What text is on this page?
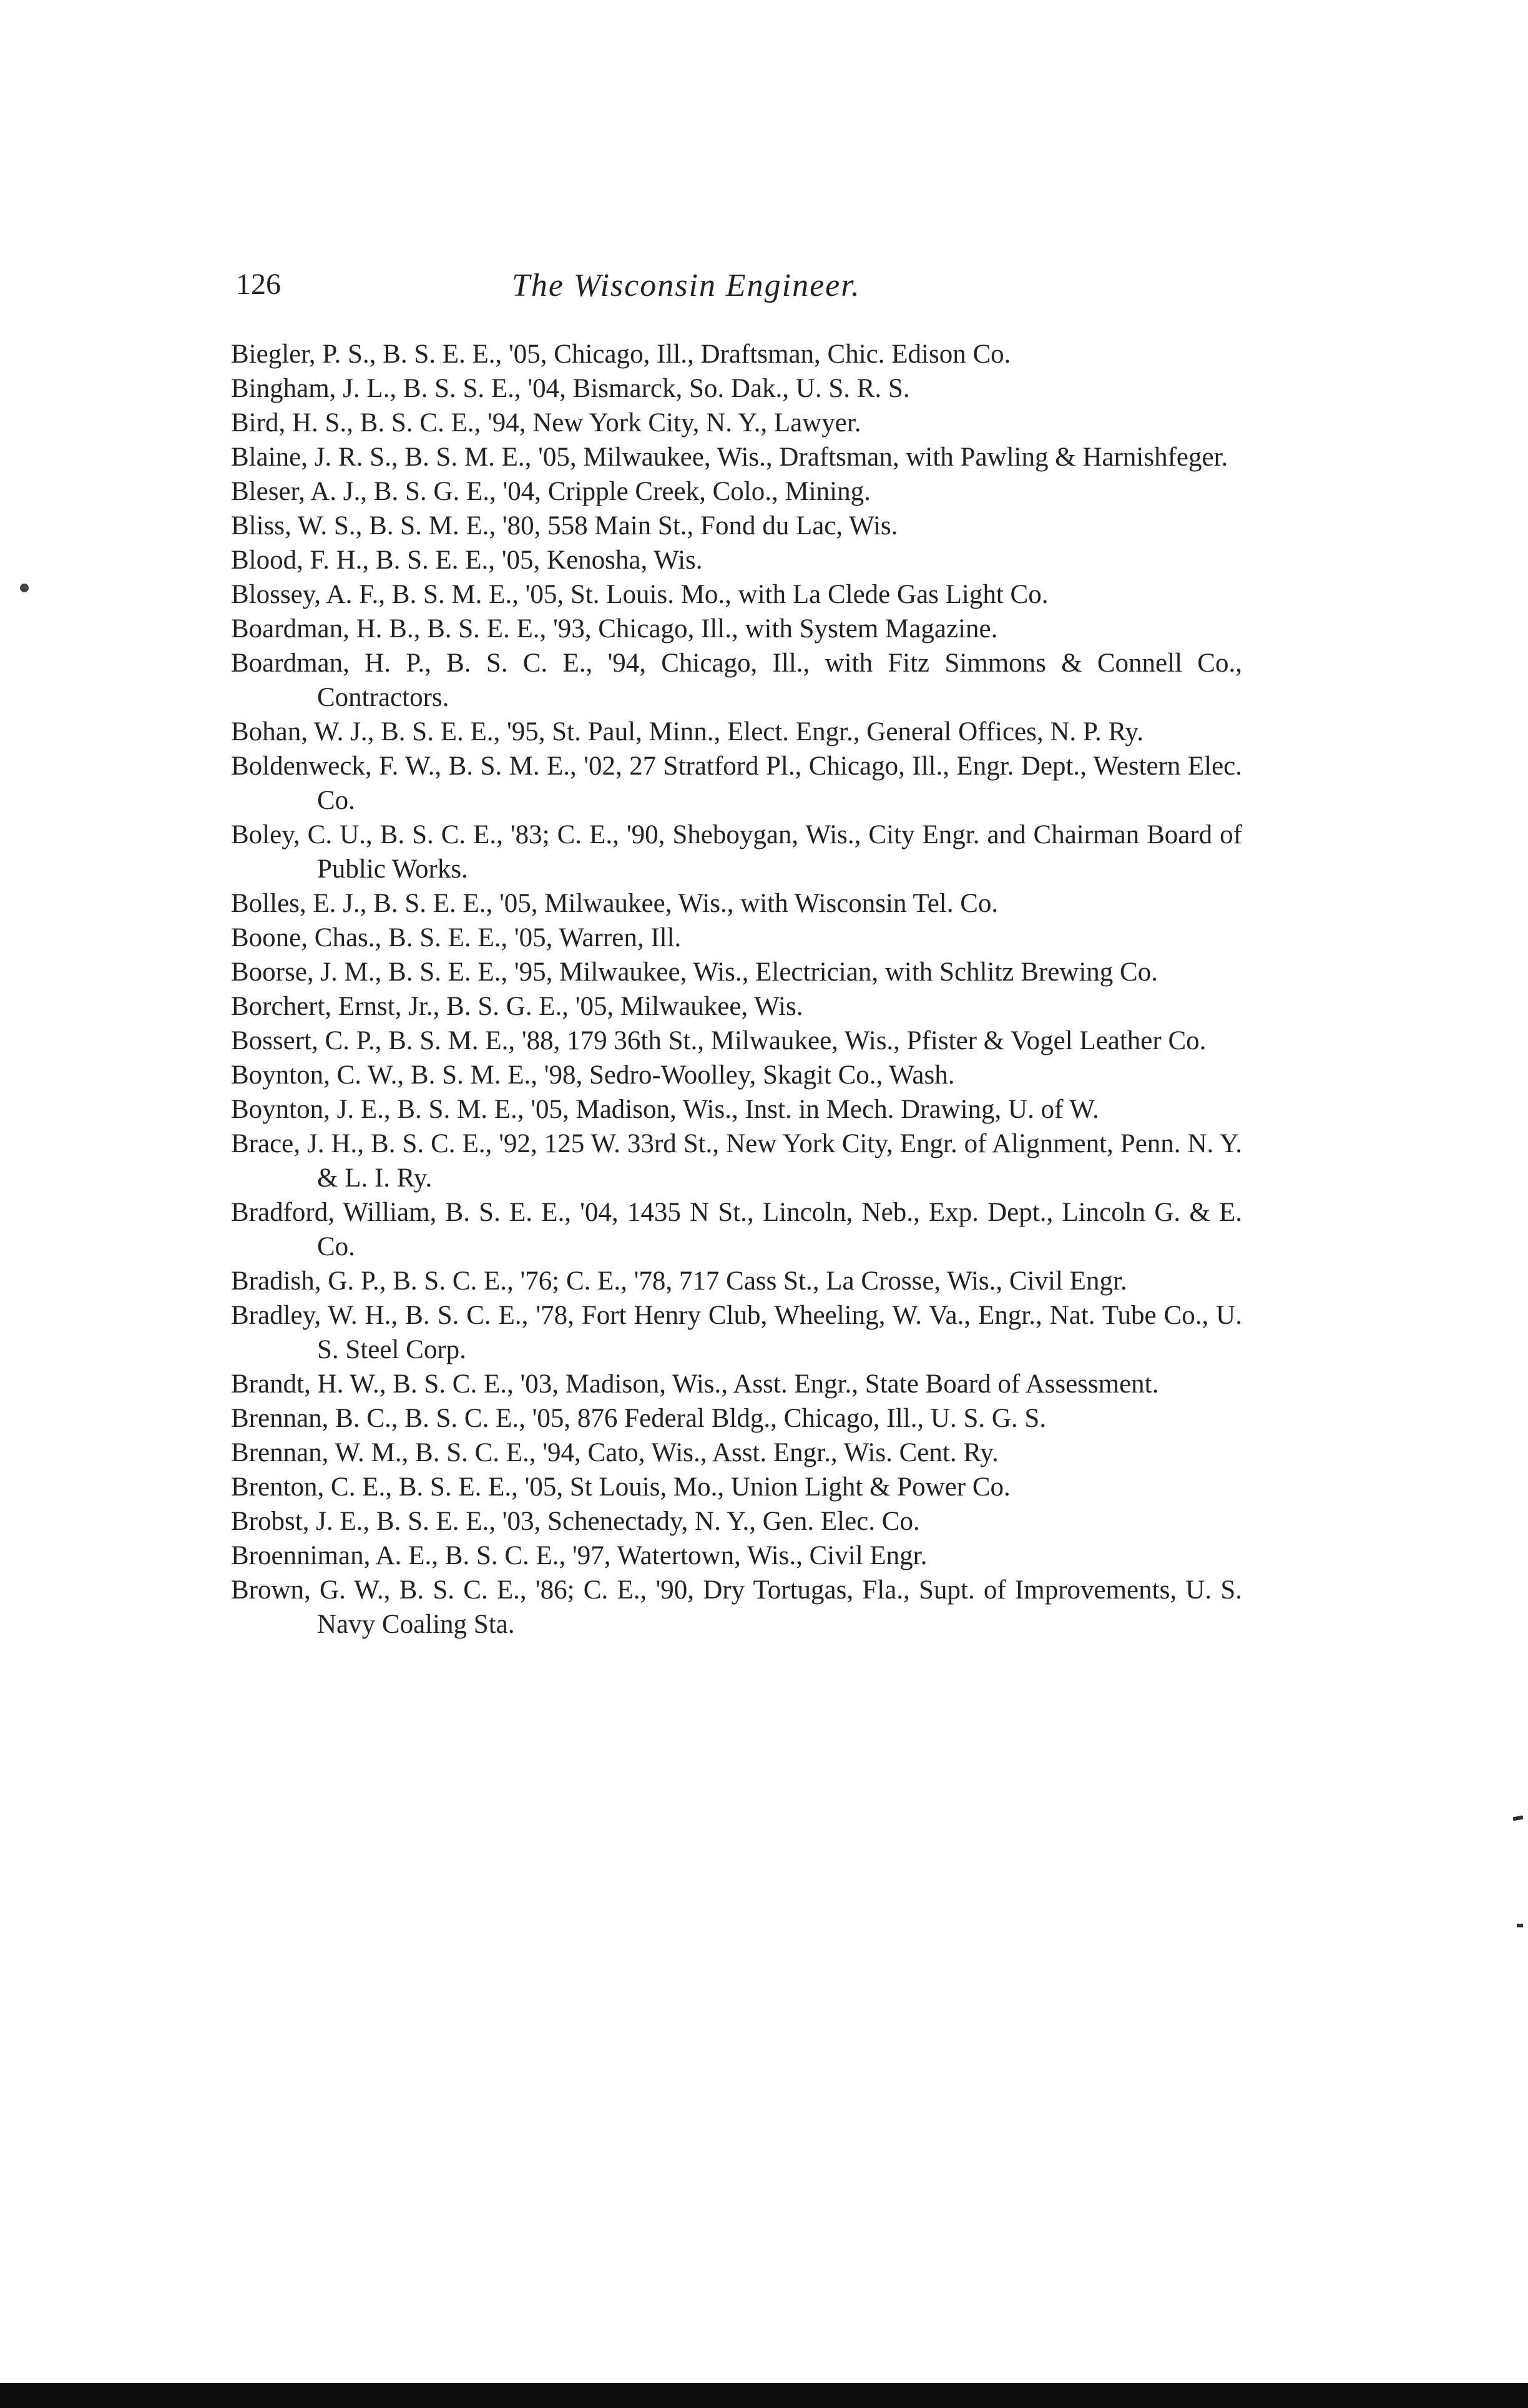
126	The Wisconsin Engineer.
Biegler, P. S., B. S. E. E., '05, Chicago, Ill., Draftsman, Chic. Edison Co.
Bingham, J. L., B. S. S. E., '04, Bismarck, So. Dak., U. S. R. S.
Bird, H. S., B. S. C. E., '94, New York City, N. Y., Lawyer.
Blaine, J. R. S., B. S. M. E., '05, Milwaukee, Wis., Draftsman, with Pawling & Harnishfeger.
Bleser, A. J., B. S. G. E., '04, Cripple Creek, Colo., Mining.
Bliss, W. S., B. S. M. E., '80, 558 Main St., Fond du Lac, Wis.
Blood, F. H., B. S. E. E., '05, Kenosha, Wis.
Blossey, A. F., B. S. M. E., '05, St. Louis. Mo., with La Clede Gas Light Co.
Boardman, H. B., B. S. E. E., '93, Chicago, Ill., with System Magazine.
Boardman, H. P., B. S. C. E., '94, Chicago, Ill., with Fitz Simmons & Connell Co., Contractors.
Bohan, W. J., B. S. E. E., '95, St. Paul, Minn., Elect. Engr., General Offices, N. P. Ry.
Boldenweck, F. W., B. S. M. E., '02, 27 Stratford Pl., Chicago, Ill., Engr. Dept., Western Elec. Co.
Boley, C. U., B. S. C. E., '83; C. E., '90, Sheboygan, Wis., City Engr. and Chairman Board of Public Works.
Bolles, E. J., B. S. E. E., '05, Milwaukee, Wis., with Wisconsin Tel. Co.
Boone, Chas., B. S. E. E., '05, Warren, Ill.
Boorse, J. M., B. S. E. E., '95, Milwaukee, Wis., Electrician, with Schlitz Brewing Co.
Borchert, Ernst, Jr., B. S. G. E., '05, Milwaukee, Wis.
Bossert, C. P., B. S. M. E., '88, 179 36th St., Milwaukee, Wis., Pfister & Vogel Leather Co.
Boynton, C. W., B. S. M. E., '98, Sedro-Woolley, Skagit Co., Wash.
Boynton, J. E., B. S. M. E., '05, Madison, Wis., Inst. in Mech. Drawing, U. of W.
Brace, J. H., B. S. C. E., '92, 125 W. 33rd St., New York City, Engr. of Alignment, Penn. N. Y. & L. I. Ry.
Bradford, William, B. S. E. E., '04, 1435 N St., Lincoln, Neb., Exp. Dept., Lincoln G. & E. Co.
Bradish, G. P., B. S. C. E., '76; C. E., '78, 717 Cass St., La Crosse, Wis., Civil Engr.
Bradley, W. H., B. S. C. E., '78, Fort Henry Club, Wheeling, W. Va., Engr., Nat. Tube Co., U. S. Steel Corp.
Brandt, H. W., B. S. C. E., '03, Madison, Wis., Asst. Engr., State Board of Assessment.
Brennan, B. C., B. S. C. E., '05, 876 Federal Bldg., Chicago, Ill., U. S. G. S.
Brennan, W. M., B. S. C. E., '94, Cato, Wis., Asst. Engr., Wis. Cent. Ry.
Brenton, C. E., B. S. E. E., '05, St Louis, Mo., Union Light & Power Co.
Brobst, J. E., B. S. E. E., '03, Schenectady, N. Y., Gen. Elec. Co.
Broenniman, A. E., B. S. C. E., '97, Watertown, Wis., Civil Engr.
Brown, G. W., B. S. C. E., '86; C. E., '90, Dry Tortugas, Fla., Supt. of Improvements, U. S. Navy Coaling Sta.
